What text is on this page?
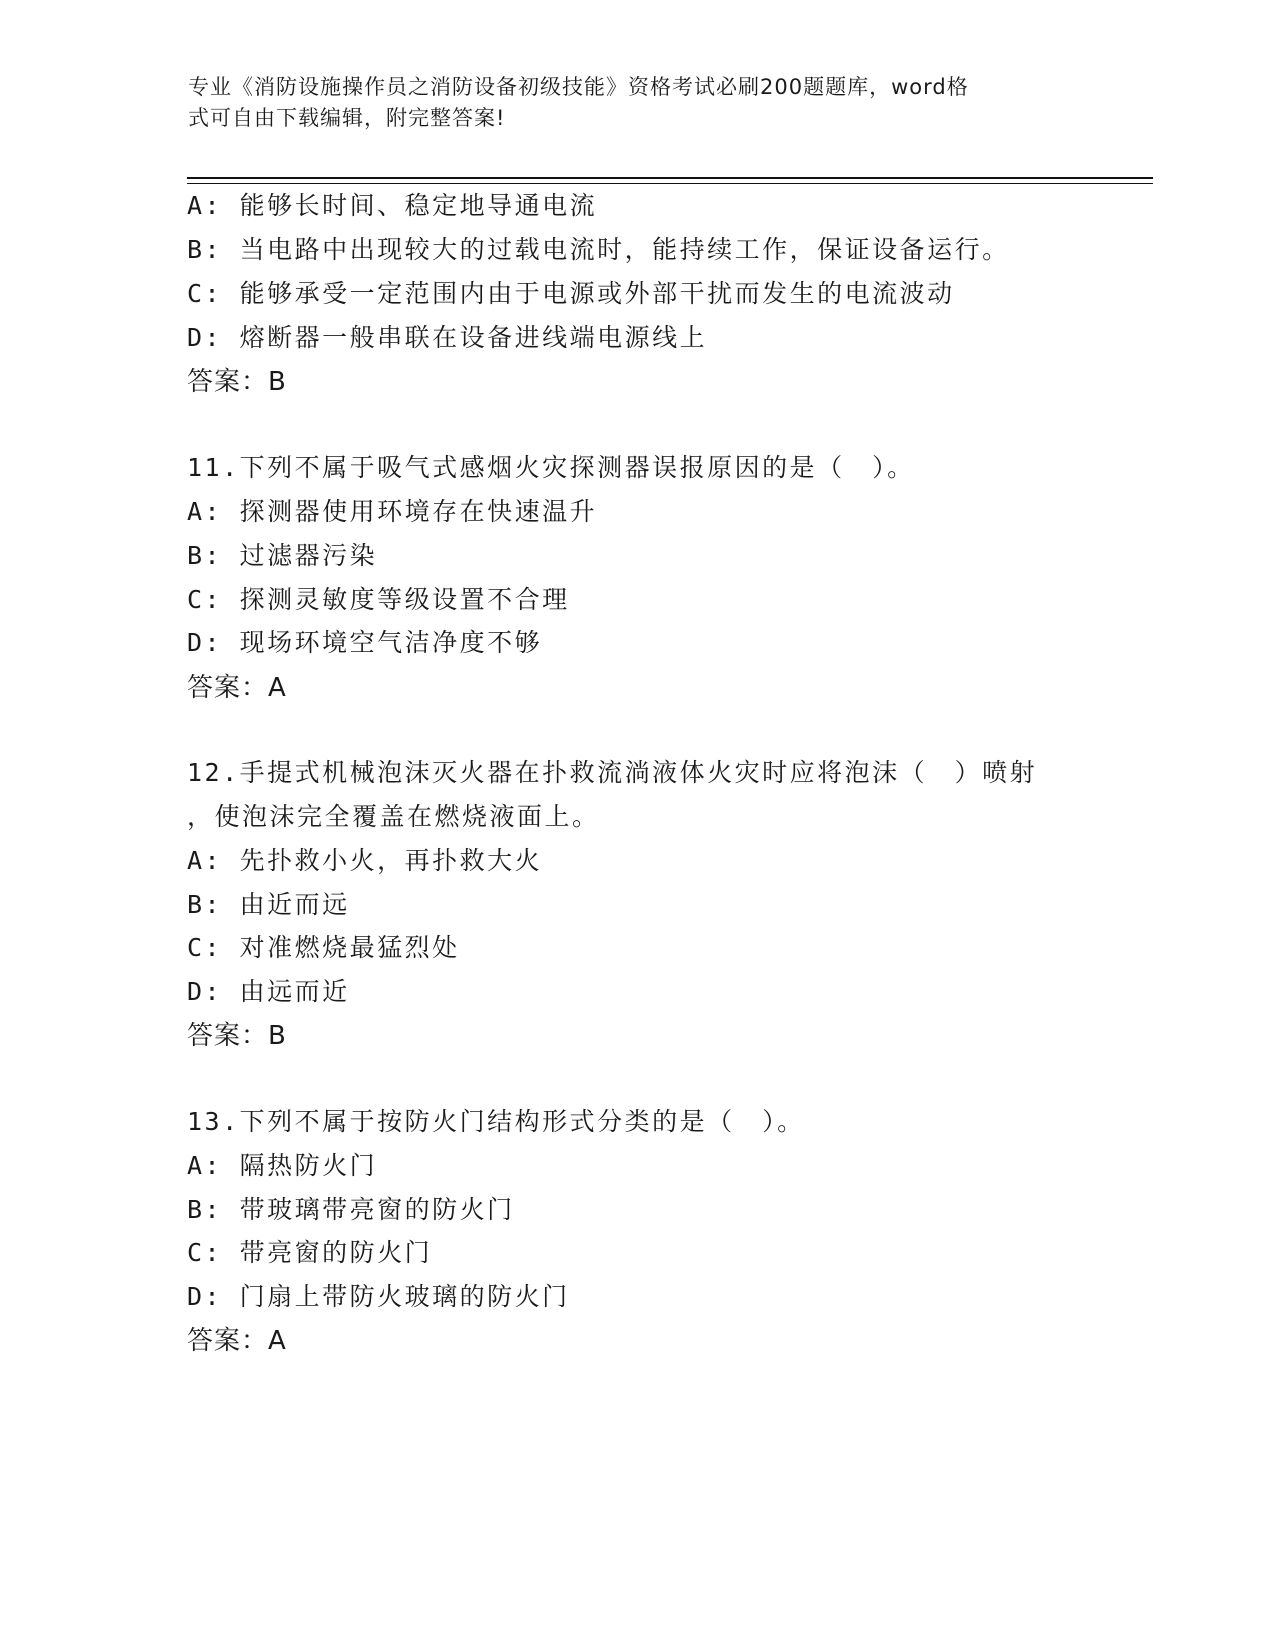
专业《消防设施操作员之消防设备初级技能》资格考试必刷200题题库，word格
式可自由下载编辑，附完整答案!
A: 能够长时间、稳定地导通电流
B: 当电路中出现较大的过载电流时，能持续工作，保证设备运行。
C: 能够承受一定范围内由于电源或外部干扰而发生的电流波动
D: 熔断器一般串联在设备进线端电源线上
答案：B
11.下列不属于吸气式感烟火灾探测器误报原因的是（　）。
A: 探测器使用环境存在快速温升
B: 过滤器污染
C: 探测灵敏度等级设置不合理
D: 现场环境空气洁净度不够
答案：A
12.手提式机械泡沫灭火器在扑救流淌液体火灾时应将泡沫（　）喷射
，使泡沫完全覆盖在燃烧液面上。
A: 先扑救小火，再扑救大火
B: 由近而远
C: 对准燃烧最猛烈处
D: 由远而近
答案：B
13.下列不属于按防火门结构形式分类的是（　）。
A: 隔热防火门
B: 带玻璃带亮窗的防火门
C: 带亮窗的防火门
D: 门扇上带防火玻璃的防火门
答案：A
